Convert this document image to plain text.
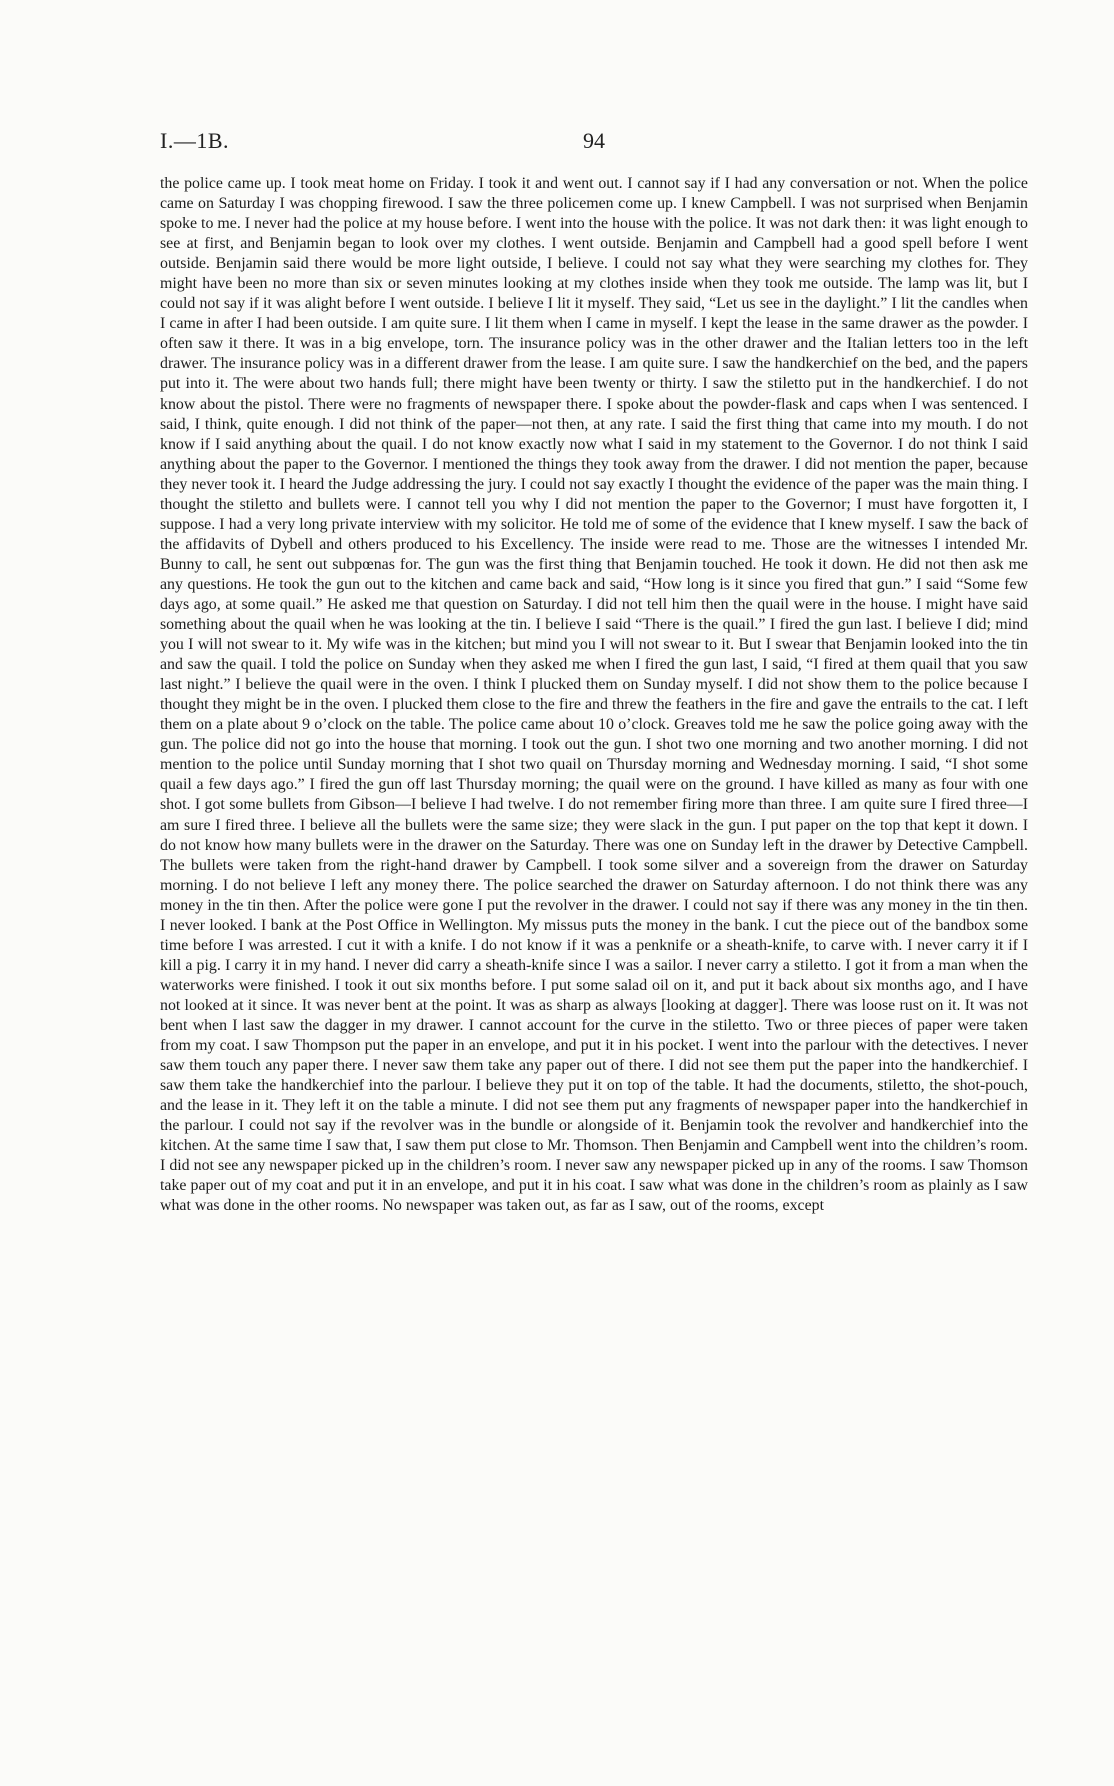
I.—1B.	94

the police came up. I took meat home on Friday. I took it and went out. I cannot say if I had any conversation or not. When the police came on Saturday I was chopping firewood. I saw the three policemen come up. I knew Campbell. I was not surprised when Benjamin spoke to me. I never had the police at my house before. I went into the house with the police. It was not dark then: it was light enough to see at first, and Benjamin began to look over my clothes. I went outside. Benjamin and Campbell had a good spell before I went outside. Benjamin said there would be more light outside, I believe. I could not say what they were searching my clothes for. They might have been no more than six or seven minutes looking at my clothes inside when they took me outside. The lamp was lit, but I could not say if it was alight before I went outside. I believe I lit it myself. They said, “Let us see in the daylight.” I lit the candles when I came in after I had been outside. I am quite sure. I lit them when I came in myself. I kept the lease in the same drawer as the powder. I often saw it there. It was in a big envelope, torn. The insurance policy was in the other drawer and the Italian letters too in the left drawer. The insurance policy was in a different drawer from the lease. I am quite sure. I saw the handkerchief on the bed, and the papers put into it. The were about two hands full; there might have been twenty or thirty. I saw the stiletto put in the handkerchief. I do not know about the pistol. There were no fragments of newspaper there. I spoke about the powder-flask and caps when I was sentenced. I said, I think, quite enough. I did not think of the paper—not then, at any rate. I said the first thing that came into my mouth. I do not know if I said anything about the quail. I do not know exactly now what I said in my statement to the Governor. I do not think I said anything about the paper to the Governor. I mentioned the things they took away from the drawer. I did not mention the paper, because they never took it. I heard the Judge addressing the jury. I could not say exactly I thought the evidence of the paper was the main thing. I thought the stiletto and bullets were. I cannot tell you why I did not mention the paper to the Governor; I must have forgotten it, I suppose. I had a very long private interview with my solicitor. He told me of some of the evidence that I knew myself. I saw the back of the affidavits of Dybell and others produced to his Excellency. The inside were read to me. Those are the witnesses I intended Mr. Bunny to call, he sent out subpœnas for. The gun was the first thing that Benjamin touched. He took it down. He did not then ask me any questions. He took the gun out to the kitchen and came back and said, “How long is it since you fired that gun.” I said “Some few days ago, at some quail.” He asked me that question on Saturday. I did not tell him then the quail were in the house. I might have said something about the quail when he was looking at the tin. I believe I said “There is the quail.” I fired the gun last. I believe I did; mind you I will not swear to it. My wife was in the kitchen; but mind you I will not swear to it. But I swear that Benjamin looked into the tin and saw the quail. I told the police on Sunday when they asked me when I fired the gun last, I said, “I fired at them quail that you saw last night.” I believe the quail were in the oven. I think I plucked them on Sunday myself. I did not show them to the police because I thought they might be in the oven. I plucked them close to the fire and threw the feathers in the fire and gave the entrails to the cat. I left them on a plate about 9 o’clock on the table. The police came about 10 o’clock. Greaves told me he saw the police going away with the gun. The police did not go into the house that morning. I took out the gun. I shot two one morning and two another morning. I did not mention to the police until Sunday morning that I shot two quail on Thursday morning and Wednesday morning. I said, “I shot some quail a few days ago.” I fired the gun off last Thursday morning; the quail were on the ground. I have killed as many as four with one shot. I got some bullets from Gibson—I believe I had twelve. I do not remember firing more than three. I am quite sure I fired three—I am sure I fired three. I believe all the bullets were the same size; they were slack in the gun. I put paper on the top that kept it down. I do not know how many bullets were in the drawer on the Saturday. There was one on Sunday left in the drawer by Detective Campbell. The bullets were taken from the right-hand drawer by Campbell. I took some silver and a sovereign from the drawer on Saturday morning. I do not believe I left any money there. The police searched the drawer on Saturday afternoon. I do not think there was any money in the tin then. After the police were gone I put the revolver in the drawer. I could not say if there was any money in the tin then. I never looked. I bank at the Post Office in Wellington. My missus puts the money in the bank. I cut the piece out of the bandbox some time before I was arrested. I cut it with a knife. I do not know if it was a penknife or a sheath-knife, to carve with. I never carry it if I kill a pig. I carry it in my hand. I never did carry a sheath-knife since I was a sailor. I never carry a stiletto. I got it from a man when the waterworks were finished. I took it out six months before. I put some salad oil on it, and put it back about six months ago, and I have not looked at it since. It was never bent at the point. It was as sharp as always [looking at dagger]. There was loose rust on it. It was not bent when I last saw the dagger in my drawer. I cannot account for the curve in the stiletto. Two or three pieces of paper were taken from my coat. I saw Thompson put the paper in an envelope, and put it in his pocket. I went into the parlour with the detectives. I never saw them touch any paper there. I never saw them take any paper out of there. I did not see them put the paper into the handkerchief. I saw them take the handkerchief into the parlour. I believe they put it on top of the table. It had the documents, stiletto, the shot-pouch, and the lease in it. They left it on the table a minute. I did not see them put any fragments of newspaper paper into the handkerchief in the parlour. I could not say if the revolver was in the bundle or alongside of it. Benjamin took the revolver and handkerchief into the kitchen. At the same time I saw that, I saw them put close to Mr. Thomson. Then Benjamin and Campbell went into the children’s room. I did not see any newspaper picked up in the children’s room. I never saw any newspaper picked up in any of the rooms. I saw Thomson take paper out of my coat and put it in an envelope, and put it in his coat. I saw what was done in the children’s room as plainly as I saw what was done in the other rooms. No newspaper was taken out, as far as I saw, out of the rooms, except
